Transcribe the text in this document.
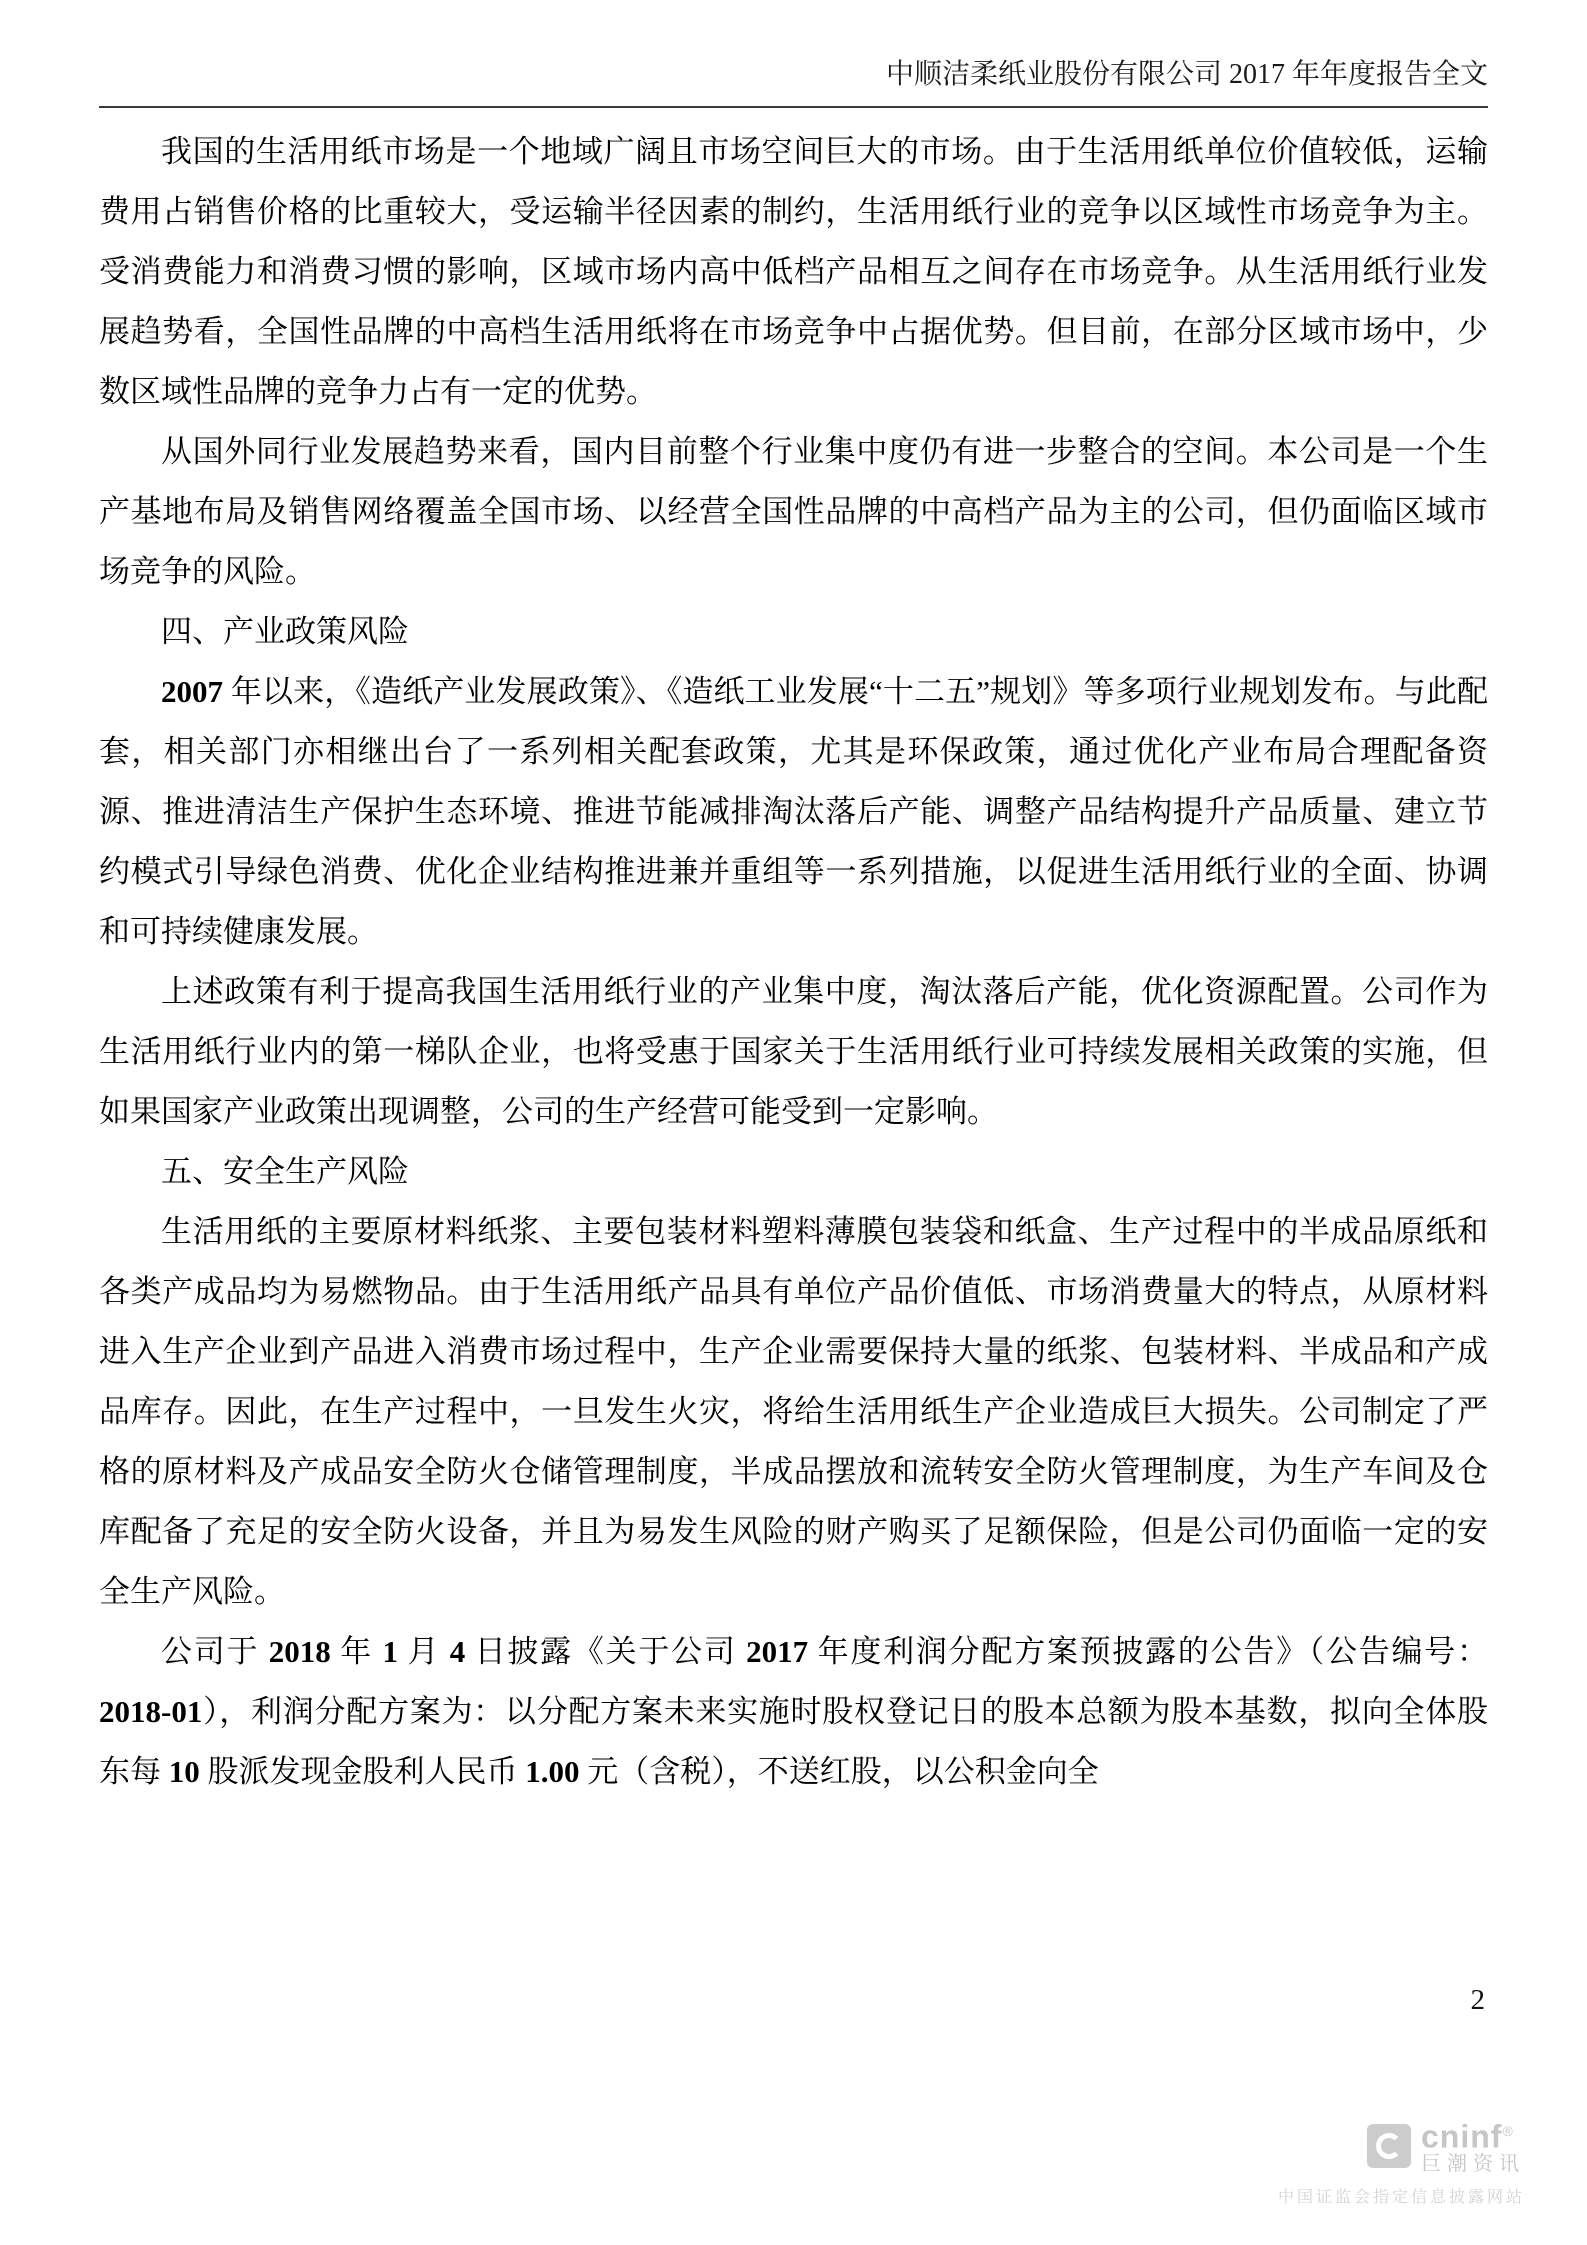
中顺洁柔纸业股份有限公司 2017 年年度报告全文

我国的生活用纸市场是一个地域广阔且市场空间巨大的市场。由于生活用纸单位价值较低，运输费用占销售价格的比重较大，受运输半径因素的制约，生活用纸行业的竞争以区域性市场竞争为主。受消费能力和消费习惯的影响，区域市场内高中低档产品相互之间存在市场竞争。从生活用纸行业发展趋势看，全国性品牌的中高档生活用纸将在市场竞争中占据优势。但目前，在部分区域市场中，少数区域性品牌的竞争力占有一定的优势。

从国外同行业发展趋势来看，国内目前整个行业集中度仍有进一步整合的空间。本公司是一个生产基地布局及销售网络覆盖全国市场、以经营全国性品牌的中高档产品为主的公司，但仍面临区域市场竞争的风险。

四、产业政策风险

2007 年以来，《造纸产业发展政策》、《造纸工业发展“十二五”规划》等多项行业规划发布。与此配套，相关部门亦相继出台了一系列相关配套政策，尤其是环保政策，通过优化产业布局合理配备资源、推进清洁生产保护生态环境、推进节能减排淘汰落后产能、调整产品结构提升产品质量、建立节约模式引导绿色消费、优化企业结构推进兼并重组等一系列措施，以促进生活用纸行业的全面、协调和可持续健康发展。

上述政策有利于提高我国生活用纸行业的产业集中度，淘汰落后产能，优化资源配置。公司作为生活用纸行业内的第一梯队企业，也将受惠于国家关于生活用纸行业可持续发展相关政策的实施，但如果国家产业政策出现调整，公司的生产经营可能受到一定影响。

五、安全生产风险

生活用纸的主要原材料纸浆、主要包装材料塑料薄膜包装袋和纸盒、生产过程中的半成品原纸和各类产成品均为易燃物品。由于生活用纸产品具有单位产品价值低、市场消费量大的特点，从原材料进入生产企业到产品进入消费市场过程中，生产企业需要保持大量的纸浆、包装材料、半成品和产成品库存。因此，在生产过程中，一旦发生火灾，将给生活用纸生产企业造成巨大损失。公司制定了严格的原材料及产成品安全防火仓储管理制度，半成品摆放和流转安全防火管理制度，为生产车间及仓库配备了充足的安全防火设备，并且为易发生风险的财产购买了足额保险，但是公司仍面临一定的安全生产风险。

公司于 2018 年 1 月 4 日披露《关于公司 2017 年度利润分配方案预披露的公告》（公告编号：2018-01），利润分配方案为：以分配方案未来实施时股权登记日的股本总额为股本基数，拟向全体股东每 10 股派发现金股利人民币 1.00 元（含税），不送红股，以公积金向全

2
cninf®
巨潮资讯
中国证监会指定信息披露网站
